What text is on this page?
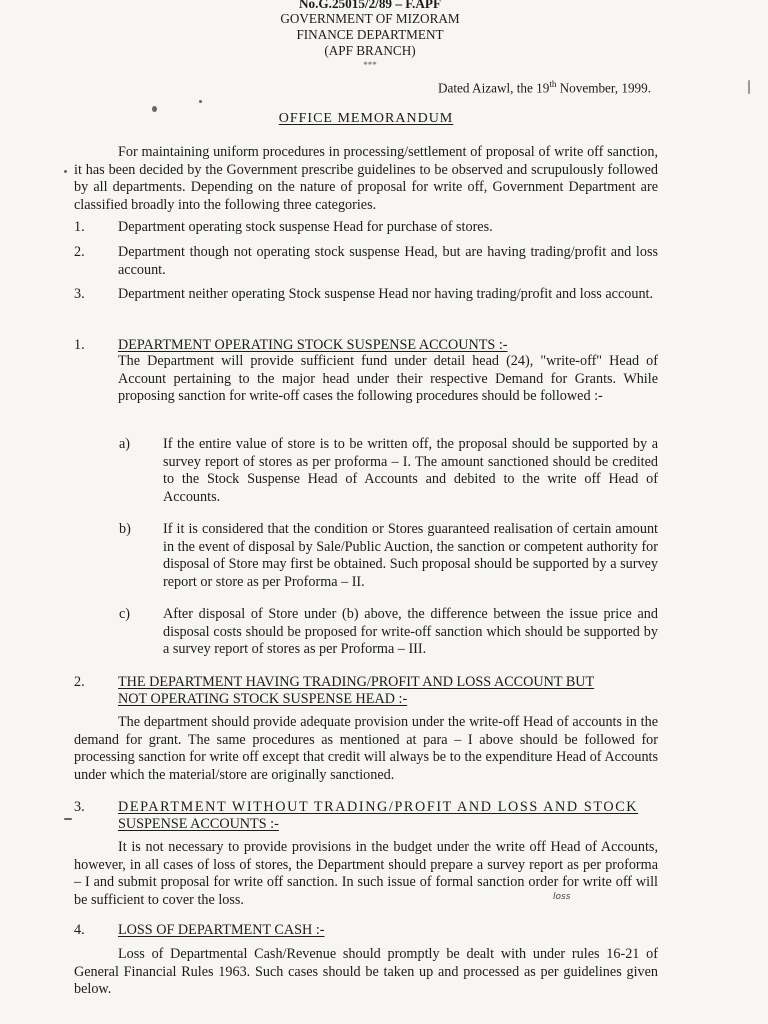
No.G.25015/2/89 – F.APF
GOVERNMENT OF MIZORAM
FINANCE DEPARTMENT
(APF BRANCH)
***
Dated Aizawl, the 19th November, 1999.
OFFICE MEMORANDUM
For maintaining uniform procedures in processing/settlement of proposal of write off sanction, it has been decided by the Government prescribe guidelines to be observed and scrupulously followed by all departments. Depending on the nature of proposal for write off, Government Department are classified broadly into the following three categories.
1. Department operating stock suspense Head for purchase of stores.
2. Department though not operating stock suspense Head, but are having trading/profit and loss account.
3. Department neither operating Stock suspense Head nor having trading/profit and loss account.
1. DEPARTMENT OPERATING STOCK SUSPENSE ACCOUNTS :-
The Department will provide sufficient fund under detail head (24), "write-off" Head of Account pertaining to the major head under their respective Demand for Grants. While proposing sanction for write-off cases the following procedures should be followed :-
a) If the entire value of store is to be written off, the proposal should be supported by a survey report of stores as per proforma – I. The amount sanctioned should be credited to the Stock Suspense Head of Accounts and debited to the write off Head of Accounts.
b) If it is considered that the condition or Stores guaranteed realisation of certain amount in the event of disposal by Sale/Public Auction, the sanction or competent authority for disposal of Store may first be obtained. Such proposal should be supported by a survey report or store as per Proforma – II.
c) After disposal of Store under (b) above, the difference between the issue price and disposal costs should be proposed for write-off sanction which should be supported by a survey report of stores as per Proforma – III.
2. THE DEPARTMENT HAVING TRADING/PROFIT AND LOSS ACCOUNT BUT
NOT OPERATING STOCK SUSPENSE HEAD :-
The department should provide adequate provision under the write-off Head of accounts in the demand for grant. The same procedures as mentioned at para – I above should be followed for processing sanction for write off except that credit will always be to the expenditure Head of Accounts under which the material/store are originally sanctioned.
3. DEPARTMENT WITHOUT TRADING/PROFIT AND LOSS AND STOCK
SUSPENSE ACCOUNTS :-
It is not necessary to provide provisions in the budget under the write off Head of Accounts, however, in all cases of loss of stores, the Department should prepare a survey report as per proforma – I and submit proposal for write off sanction. In such issue of formal sanction order for write off will be sufficient to cover the loss.	loss
4. LOSS OF DEPARTMENT CASH :-
Loss of Departmental Cash/Revenue should promptly be dealt with under rules 16-21 of General Financial Rules 1963. Such cases should be taken up and processed as per guidelines given below.
